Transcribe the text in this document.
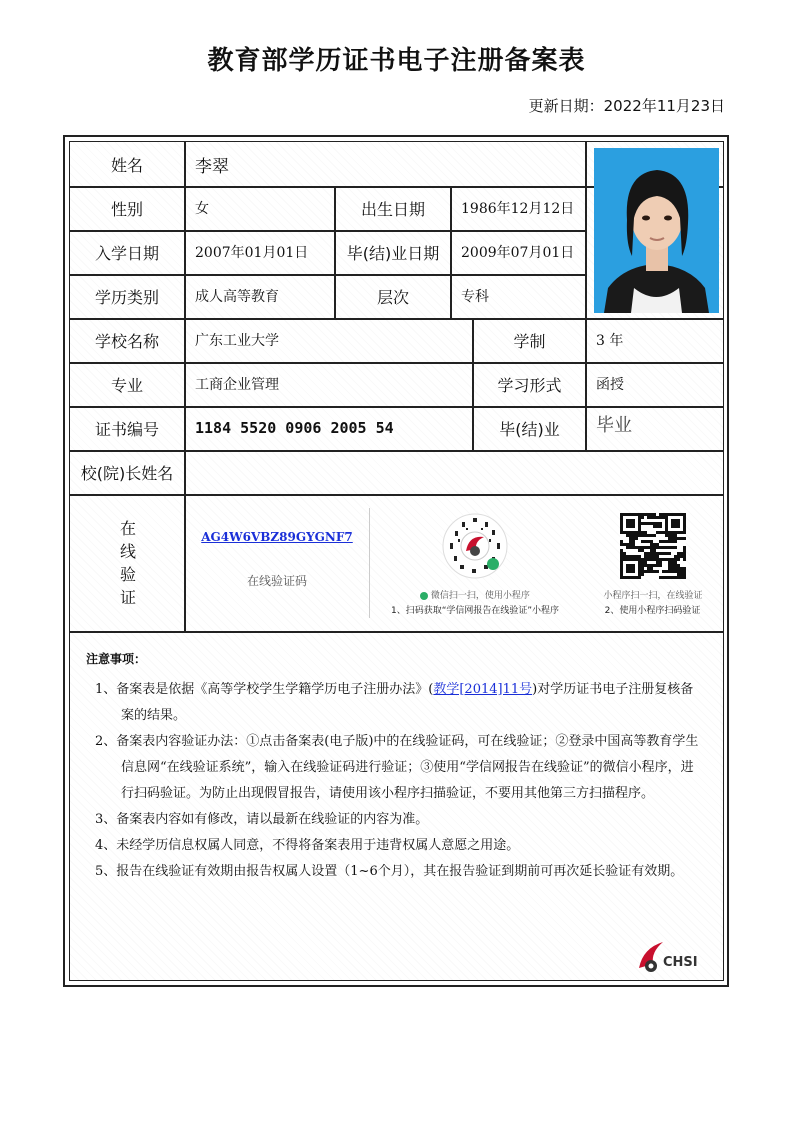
教育部学历证书电子注册备案表
更新日期：2022年11月23日
姓名	李翠
性别	女	出生日期	1986年12月12日
入学日期	2007年01月01日	毕(结)业日期	2009年07月01日
学历类别	成人高等教育	层次	专科
学校名称	广东工业大学	学制	3 年
专业	工商企业管理	学习形式	函授
证书编号	1184 5520 0906 2005 54	毕(结)业	毕业
校(院)长姓名
在
线
验
证
AG4W6VBZ89GYGNF7
在线验证码
微信扫一扫，使用小程序
1、扫码获取“学信网报告在线验证”小程序
小程序扫一扫，在线验证
2、使用小程序扫码验证
注意事项：
1、备案表是依据《高等学校学生学籍学历电子注册办法》(教学[2014]11号)对学历证书电子注册复核备案的结果。
2、备案表内容验证办法：①点击备案表(电子版)中的在线验证码，可在线验证；②登录中国高等教育学生信息网“在线验证系统”，输入在线验证码进行验证；③使用“学信网报告在线验证”的微信小程序，进行扫码验证。为防止出现假冒报告，请使用该小程序扫描验证，不要用其他第三方扫描程序。
3、备案表内容如有修改，请以最新在线验证的内容为准。
4、未经学历信息权属人同意，不得将备案表用于违背权属人意愿之用途。
5、报告在线验证有效期由报告权属人设置（1~6个月），其在报告验证到期前可再次延长验证有效期。
CHSI
